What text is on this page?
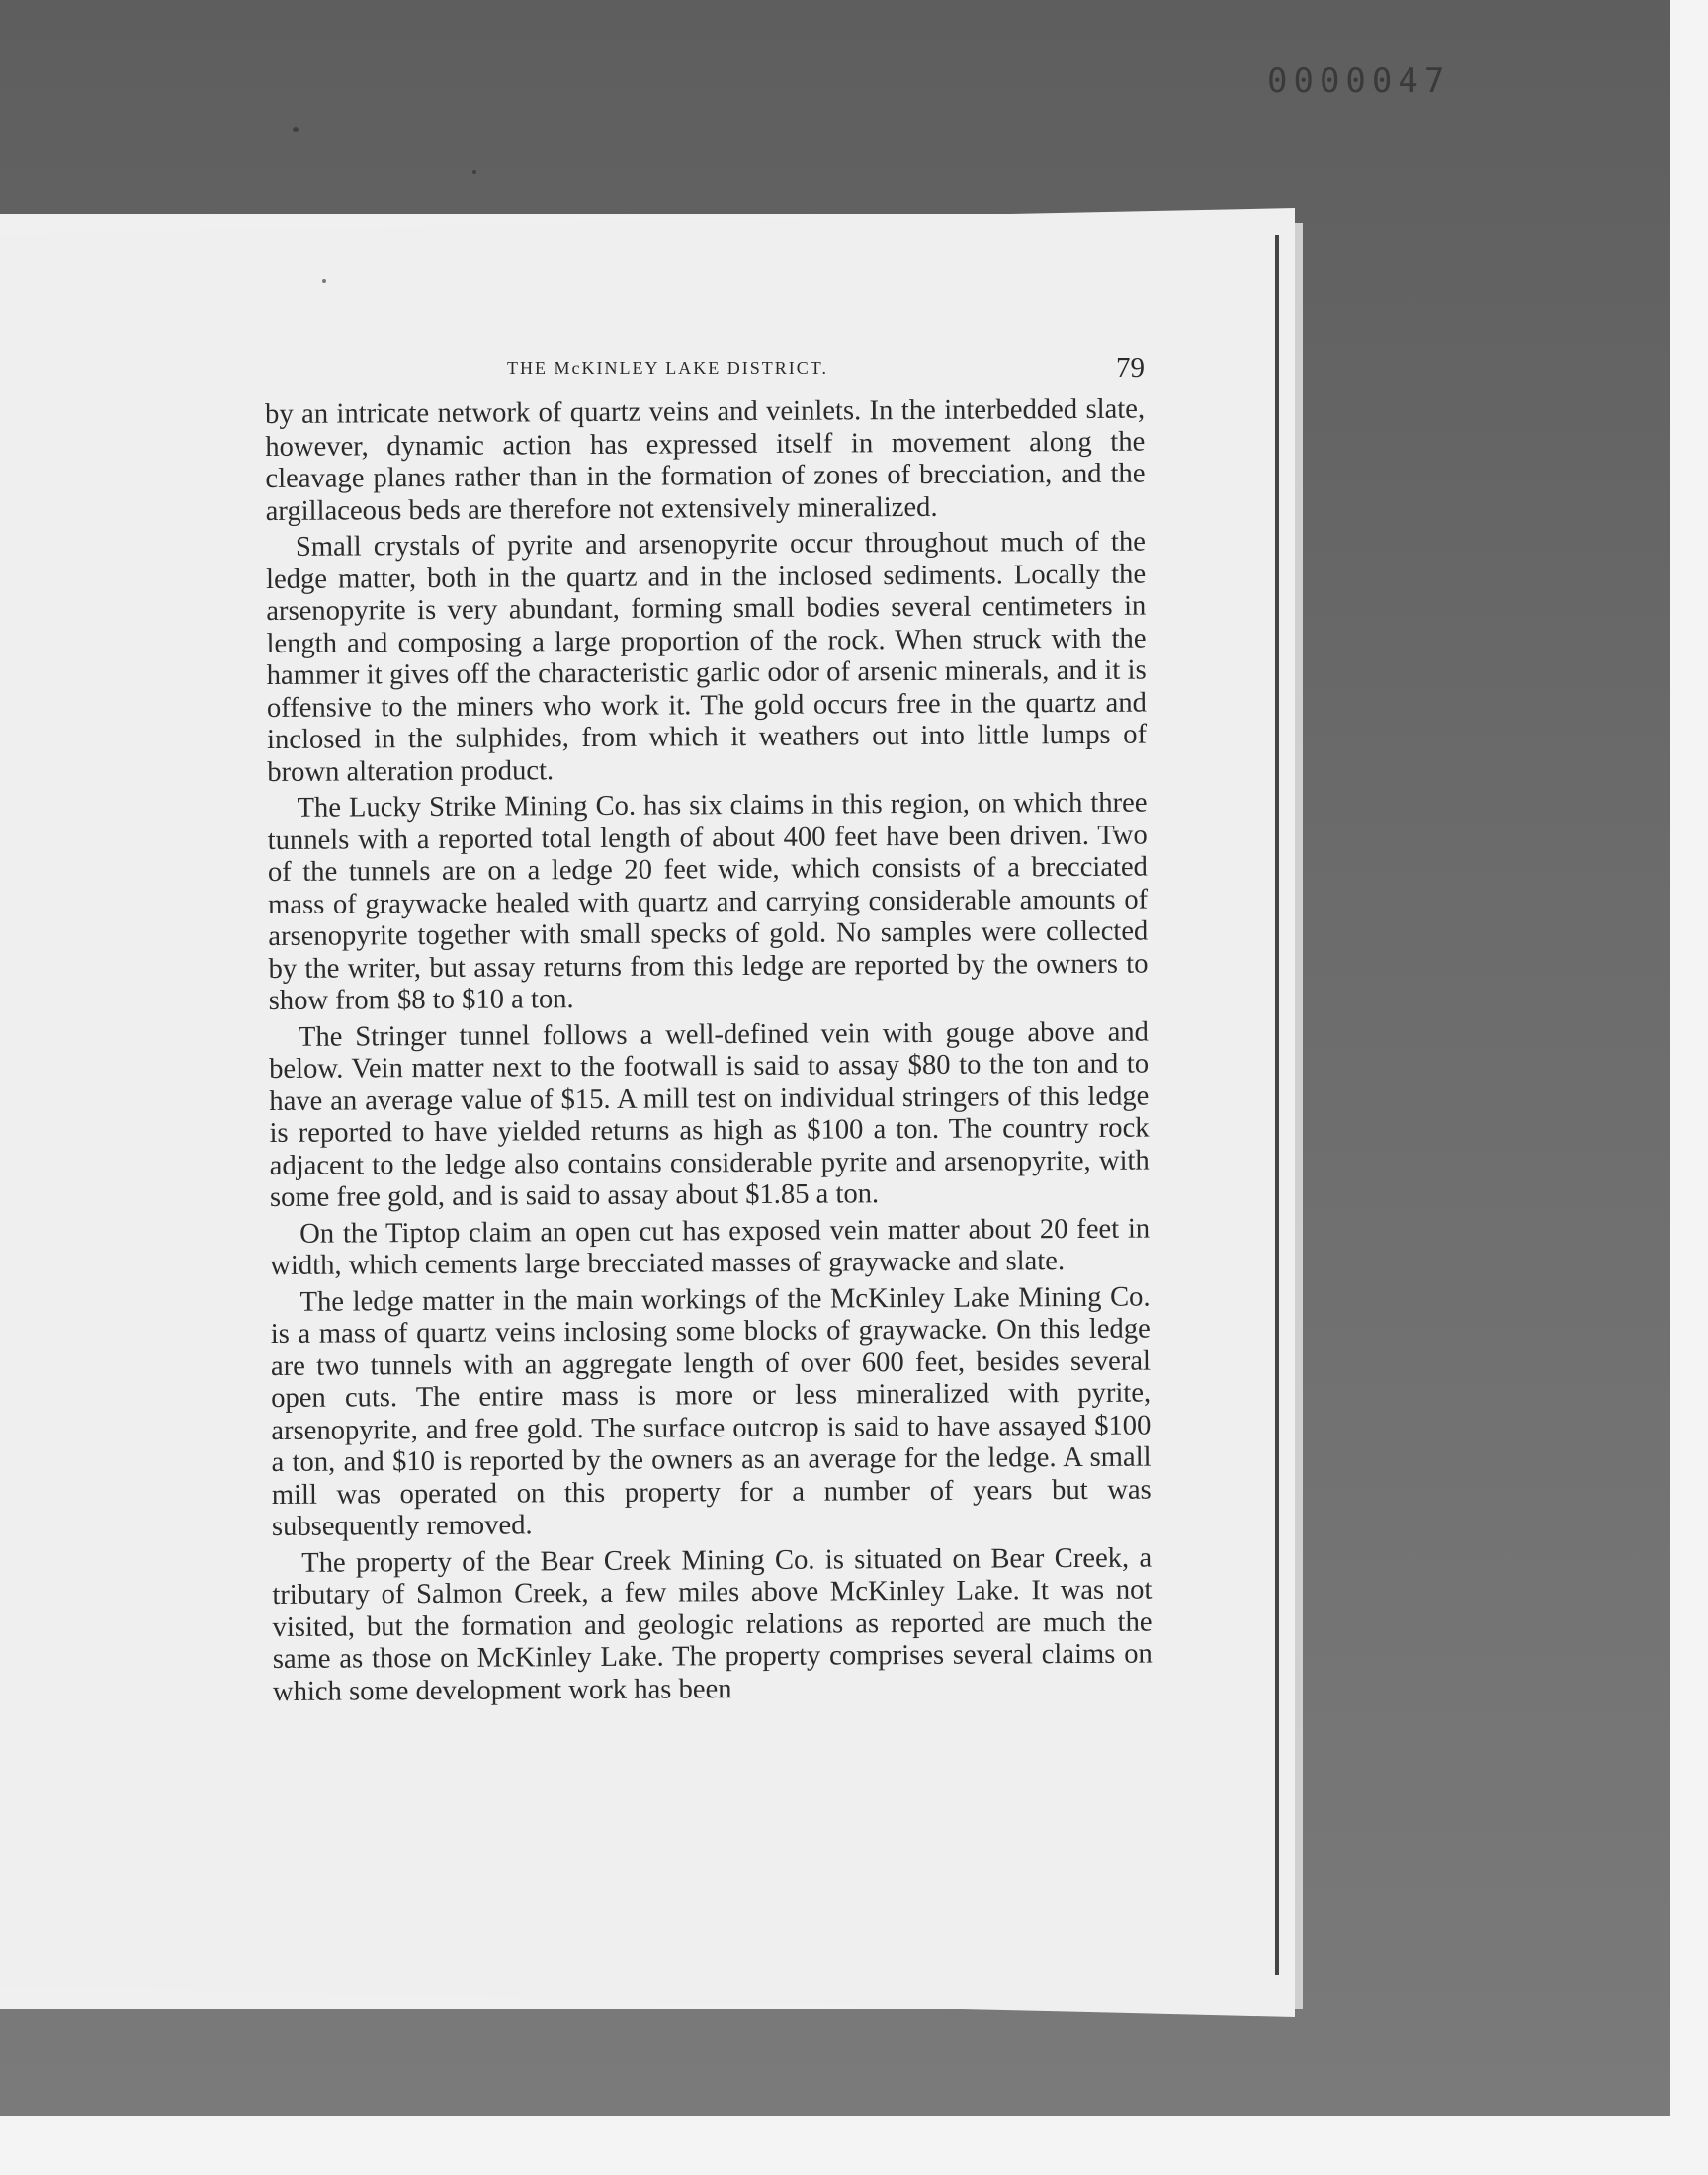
0000047
THE McKINLEY LAKE DISTRICT.	79

by an intricate network of quartz veins and veinlets. In the interbedded slate, however, dynamic action has expressed itself in movement along the cleavage planes rather than in the formation of zones of brecciation, and the argillaceous beds are therefore not extensively mineralized.

Small crystals of pyrite and arsenopyrite occur throughout much of the ledge matter, both in the quartz and in the inclosed sediments. Locally the arsenopyrite is very abundant, forming small bodies several centimeters in length and composing a large proportion of the rock. When struck with the hammer it gives off the characteristic garlic odor of arsenic minerals, and it is offensive to the miners who work it. The gold occurs free in the quartz and inclosed in the sulphides, from which it weathers out into little lumps of brown alteration product.

The Lucky Strike Mining Co. has six claims in this region, on which three tunnels with a reported total length of about 400 feet have been driven. Two of the tunnels are on a ledge 20 feet wide, which consists of a brecciated mass of graywacke healed with quartz and carrying considerable amounts of arsenopyrite together with small specks of gold. No samples were collected by the writer, but assay returns from this ledge are reported by the owners to show from $8 to $10 a ton.

The Stringer tunnel follows a well-defined vein with gouge above and below. Vein matter next to the footwall is said to assay $80 to the ton and to have an average value of $15. A mill test on individual stringers of this ledge is reported to have yielded returns as high as $100 a ton. The country rock adjacent to the ledge also contains considerable pyrite and arsenopyrite, with some free gold, and is said to assay about $1.85 a ton.

On the Tiptop claim an open cut has exposed vein matter about 20 feet in width, which cements large brecciated masses of graywacke and slate.

The ledge matter in the main workings of the McKinley Lake Mining Co. is a mass of quartz veins inclosing some blocks of graywacke. On this ledge are two tunnels with an aggregate length of over 600 feet, besides several open cuts. The entire mass is more or less mineralized with pyrite, arsenopyrite, and free gold. The surface outcrop is said to have assayed $100 a ton, and $10 is reported by the owners as an average for the ledge. A small mill was operated on this property for a number of years but was subsequently removed.

The property of the Bear Creek Mining Co. is situated on Bear Creek, a tributary of Salmon Creek, a few miles above McKinley Lake. It was not visited, but the formation and geologic relations as reported are much the same as those on McKinley Lake. The property comprises several claims on which some development work has been
